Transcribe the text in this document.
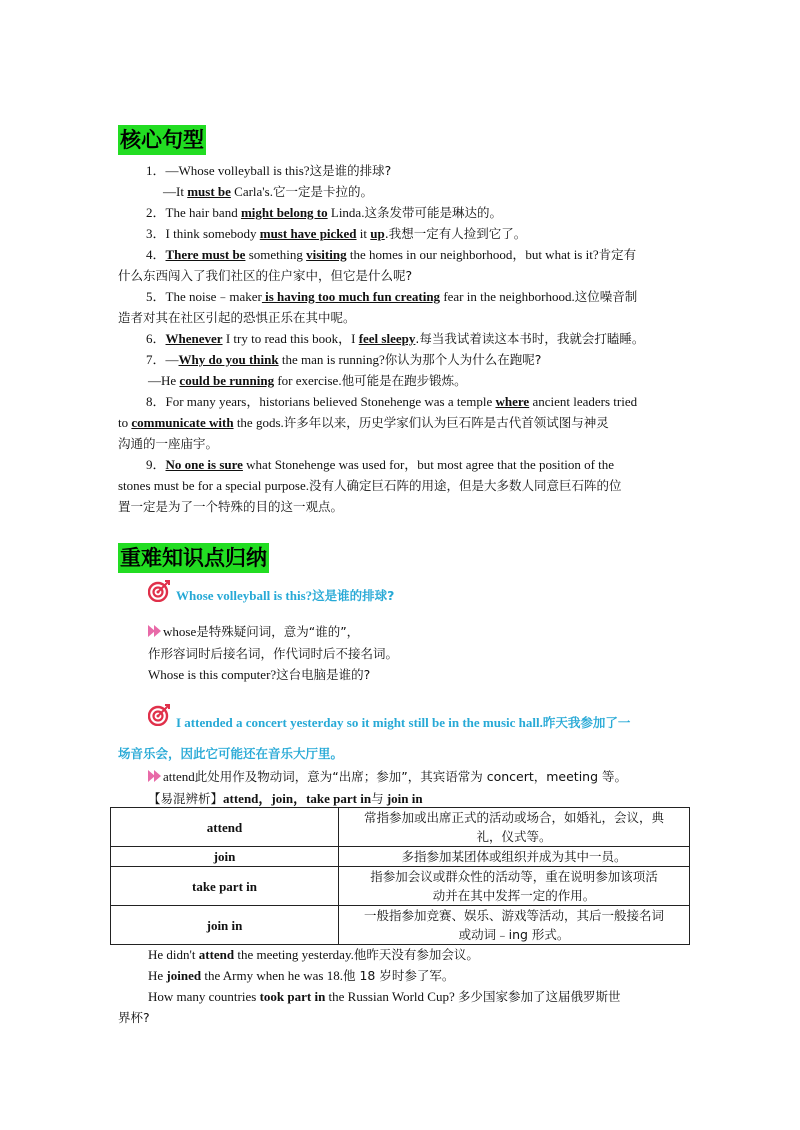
核心句型
1．—Whose volleyball is this?这是谁的排球?
—It must be Carla's.它一定是卡拉的。
2．The hair band might belong to Linda.这条发带可能是琳达的。
3．I think somebody must have picked it up.我想一定有人捡到它了。
4．There must be something visiting the homes in our neighborhood，but what is it?肯定有
什么东西闯入了我们社区的住户家中，但它是什么呢?
5．The noise﹣maker is having too much fun creating fear in the neighborhood.这位噪音制
造者对其在社区引起的恐惧正乐在其中呢。
6．Whenever I try to read this book，I feel sleepy.每当我试着读这本书时，我就会打瞌睡。
7．—Why do you think the man is running?你认为那个人为什么在跑呢?
—He could be running for exercise.他可能是在跑步锻炼。
8．For many years，historians believed Stonehenge was a temple where ancient leaders tried
to communicate with the gods.许多年以来，历史学家们认为巨石阵是古代首领试图与神灵
沟通的一座庙宇。
9．No one is sure what Stonehenge was used for，but most agree that the position of the
stones must be for a special purpose.没有人确定巨石阵的用途，但是大多数人同意巨石阵的位
置一定是为了一个特殊的目的这一观点。
重难知识点归纳
Whose volleyball is this?这是谁的排球?
whose是特殊疑问词，意为“谁的”，
作形容词时后接名词，作代词时后不接名词。
Whose is this computer?这台电脑是谁的?
I attended a concert yesterday so it might still be in the music hall.昨天我参加了一
场音乐会，因此它可能还在音乐大厅里。
attend此处用作及物动词，意为“出席；参加”，其宾语常为 concert，meeting 等。
【易混辨析】attend，join，take part in与 join in
attend	常指参加或出席正式的活动或场合，如婚礼，会议，典
礼，仪式等。
join	多指参加某团体或组织并成为其中一员。
take part in	指参加会议或群众性的活动等，重在说明参加该项活
动并在其中发挥一定的作用。
join in	一般指参加竞赛、娱乐、游戏等活动，其后一般接名词
或动词﹣ing 形式。
He didn't attend the meeting yesterday.他昨天没有参加会议。
He joined the Army when he was 18.他 18 岁时参了军。
How many countries took part in the Russian World Cup? 多少国家参加了这届俄罗斯世
界杯?
